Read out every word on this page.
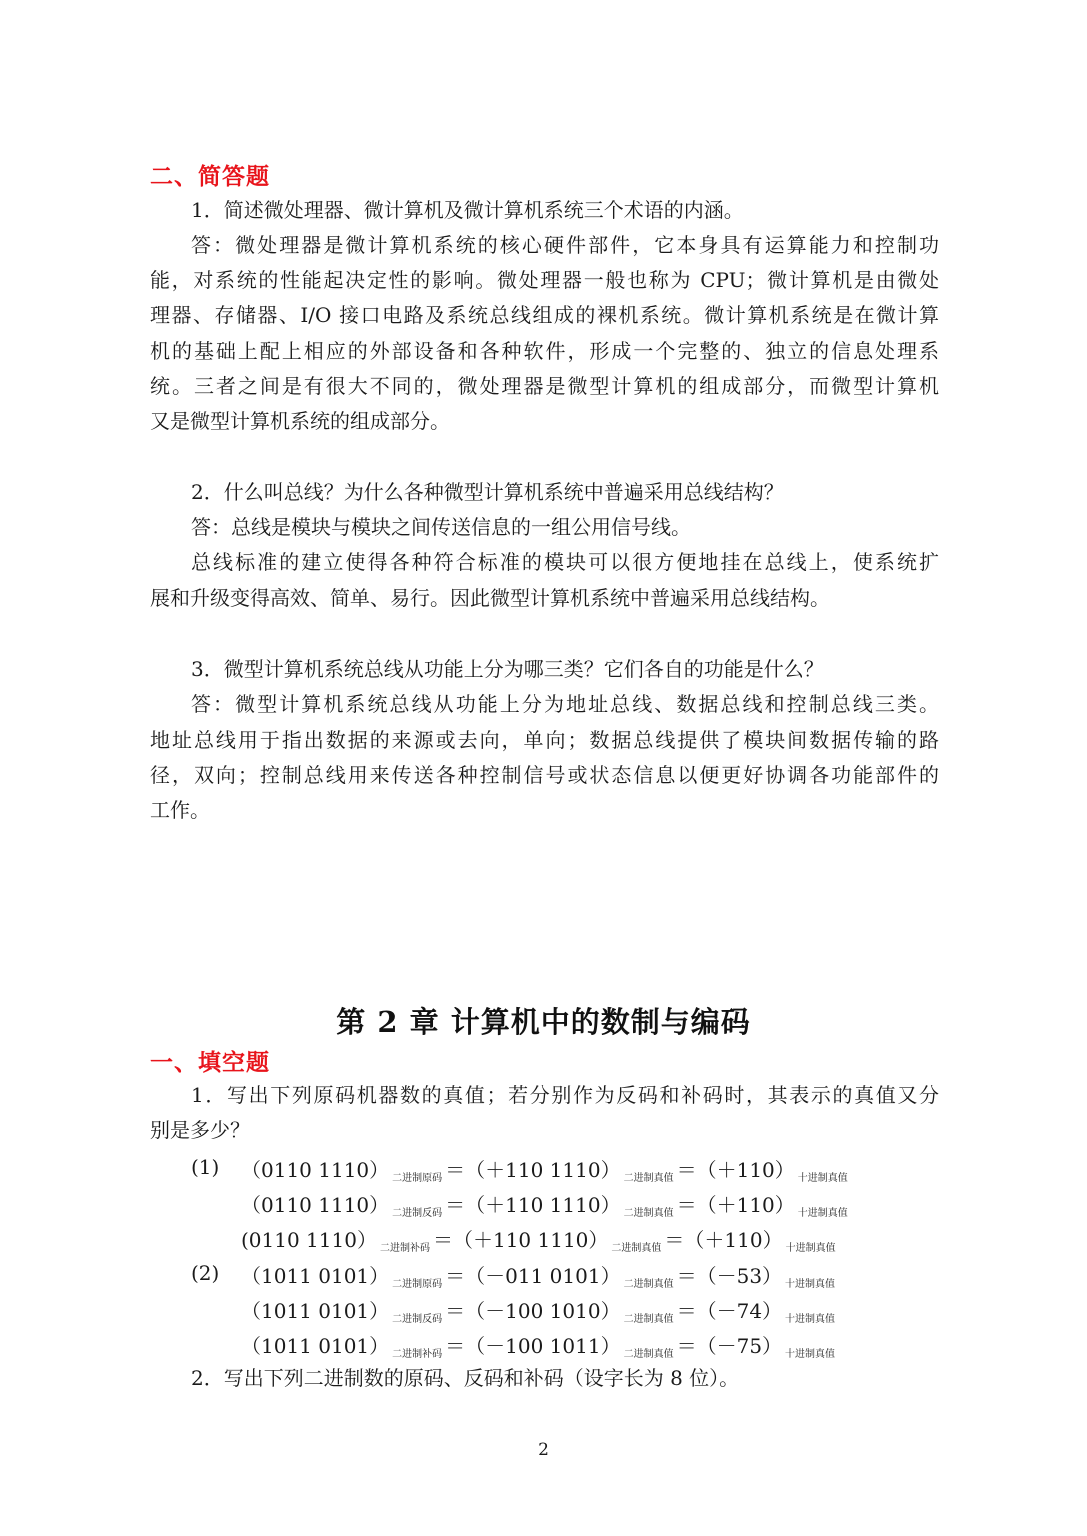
二、简答题
1．简述微处理器、微计算机及微计算机系统三个术语的内涵。
答：微处理器是微计算机系统的核心硬件部件，它本身具有运算能力和控制功
能，对系统的性能起决定性的影响。微处理器一般也称为 CPU；微计算机是由微处
理器、存储器、I/O 接口电路及系统总线组成的裸机系统。微计算机系统是在微计算
机的基础上配上相应的外部设备和各种软件，形成一个完整的、独立的信息处理系
统。三者之间是有很大不同的，微处理器是微型计算机的组成部分，而微型计算机
又是微型计算机系统的组成部分。
2．什么叫总线？为什么各种微型计算机系统中普遍采用总线结构？
答：总线是模块与模块之间传送信息的一组公用信号线。
总线标准的建立使得各种符合标准的模块可以很方便地挂在总线上，使系统扩
展和升级变得高效、简单、易行。因此微型计算机系统中普遍采用总线结构。
3．微型计算机系统总线从功能上分为哪三类？它们各自的功能是什么？
答：微型计算机系统总线从功能上分为地址总线、数据总线和控制总线三类。
地址总线用于指出数据的来源或去向，单向；数据总线提供了模块间数据传输的路
径，双向；控制总线用来传送各种控制信号或状态信息以便更好协调各功能部件的
工作。
第 2 章 计算机中的数制与编码
一、填空题
1．写出下列原码机器数的真值；若分别作为反码和补码时，其表示的真值又分
别是多少？
(1) （0110 1110） 二进制原码 ＝（＋110 1110） 二进制真值 ＝（＋110） 十进制真值
（0110 1110） 二进制反码 ＝（＋110 1110） 二进制真值 ＝（＋110） 十进制真值
(0110 1110） 二进制补码 ＝（＋110 1110） 二进制真值 ＝（＋110） 十进制真值
(2) （1011 0101） 二进制原码 ＝（－011 0101） 二进制真值 ＝（－53） 十进制真值
（1011 0101） 二进制反码 ＝（－100 1010） 二进制真值 ＝（－74） 十进制真值
（1011 0101） 二进制补码 ＝（－100 1011） 二进制真值 ＝（－75） 十进制真值
2．写出下列二进制数的原码、反码和补码（设字长为 8 位）。
2
